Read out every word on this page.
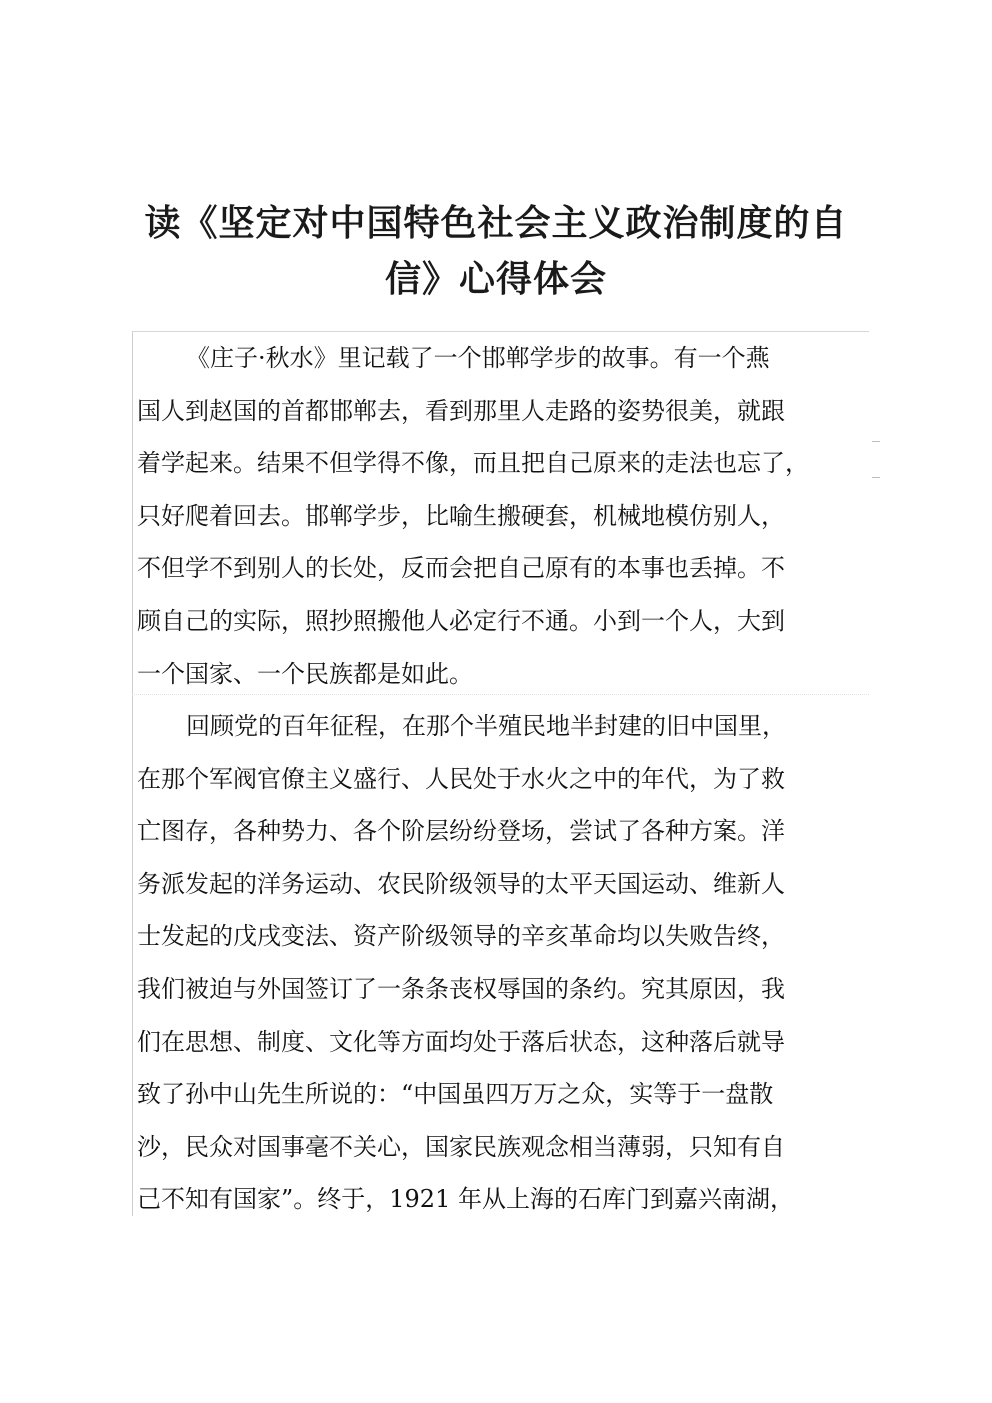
读《坚定对中国特色社会主义政治制度的自
信》心得体会
《庄子·秋水》里记载了一个邯郸学步的故事。有一个燕
国人到赵国的首都邯郸去，看到那里人走路的姿势很美，就跟
着学起来。结果不但学得不像，而且把自己原来的走法也忘了，
只好爬着回去。邯郸学步，比喻生搬硬套，机械地模仿别人，
不但学不到别人的长处，反而会把自己原有的本事也丢掉。不
顾自己的实际，照抄照搬他人必定行不通。小到一个人，大到
一个国家、一个民族都是如此。
回顾党的百年征程，在那个半殖民地半封建的旧中国里，
在那个军阀官僚主义盛行、人民处于水火之中的年代，为了救
亡图存，各种势力、各个阶层纷纷登场，尝试了各种方案。洋
务派发起的洋务运动、农民阶级领导的太平天国运动、维新人
士发起的戊戌变法、资产阶级领导的辛亥革命均以失败告终，
我们被迫与外国签订了一条条丧权辱国的条约。究其原因，我
们在思想、制度、文化等方面均处于落后状态，这种落后就导
致了孙中山先生所说的：“中国虽四万万之众，实等于一盘散
沙，民众对国事毫不关心，国家民族观念相当薄弱，只知有自
己不知有国家”。终于，1921 年从上海的石库门到嘉兴南湖，
